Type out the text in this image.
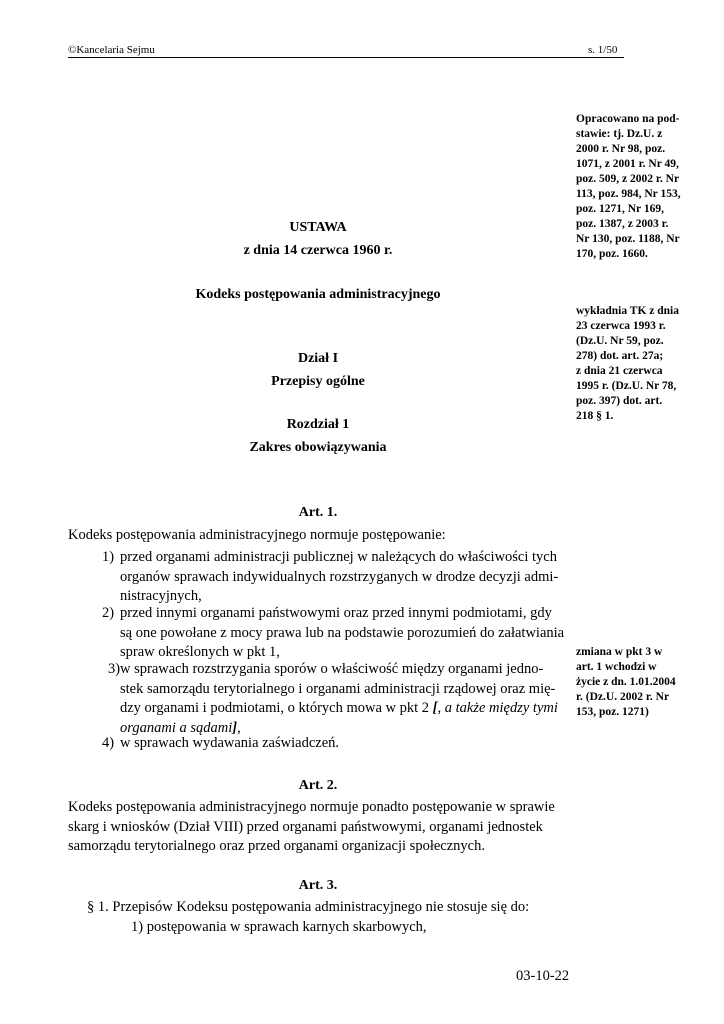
©Kancelaria Sejmu	s. 1/50
Opracowano na pod-
stawie: tj. Dz.U. z
2000 r. Nr 98, poz.
1071, z 2001 r. Nr 49,
poz. 509, z 2002 r. Nr
113, poz. 984, Nr 153,
poz. 1271, Nr 169,
poz. 1387, z 2003 r.
Nr 130, poz. 1188, Nr
170, poz. 1660.
wykładnia TK z dnia
23 czerwca 1993 r.
(Dz.U. Nr 59, poz.
278) dot. art. 27a;
z dnia 21 czerwca
1995 r. (Dz.U. Nr 78,
poz. 397) dot. art.
218 § 1.
zmiana w pkt 3 w
art. 1 wchodzi w
życie z dn. 1.01.2004
r. (Dz.U. 2002 r. Nr
153, poz. 1271)
USTAWA
z dnia 14 czerwca 1960 r.
Kodeks postępowania administracyjnego
Dział I
Przepisy ogólne
Rozdział 1
Zakres obowiązywania
Art. 1.
Kodeks postępowania administracyjnego normuje postępowanie:
1) przed organami administracji publicznej w należących do właściwości tych
organów sprawach indywidualnych rozstrzyganych w drodze decyzji admi-
nistracyjnych,
2) przed innymi organami państwowymi oraz przed innymi podmiotami, gdy
są one powołane z mocy prawa lub na podstawie porozumień do załatwiania
spraw określonych w pkt 1,
3) w sprawach rozstrzygania sporów o właściwość między organami jedno-
stek samorządu terytorialnego i organami administracji rządowej oraz mię-
dzy organami i podmiotami, o których mowa w pkt 2 [, a także między tymi
organami a sądami],
4) w sprawach wydawania zaświadczeń.
Art. 2.
Kodeks postępowania administracyjnego normuje ponadto postępowanie w sprawie
skarg i wniosków (Dział VIII) przed organami państwowymi, organami jednostek
samorządu terytorialnego oraz przed organami organizacji społecznych.
Art. 3.
§ 1. Przepisów Kodeksu postępowania administracyjnego nie stosuje się do:
1) postępowania w sprawach karnych skarbowych,
03-10-22
